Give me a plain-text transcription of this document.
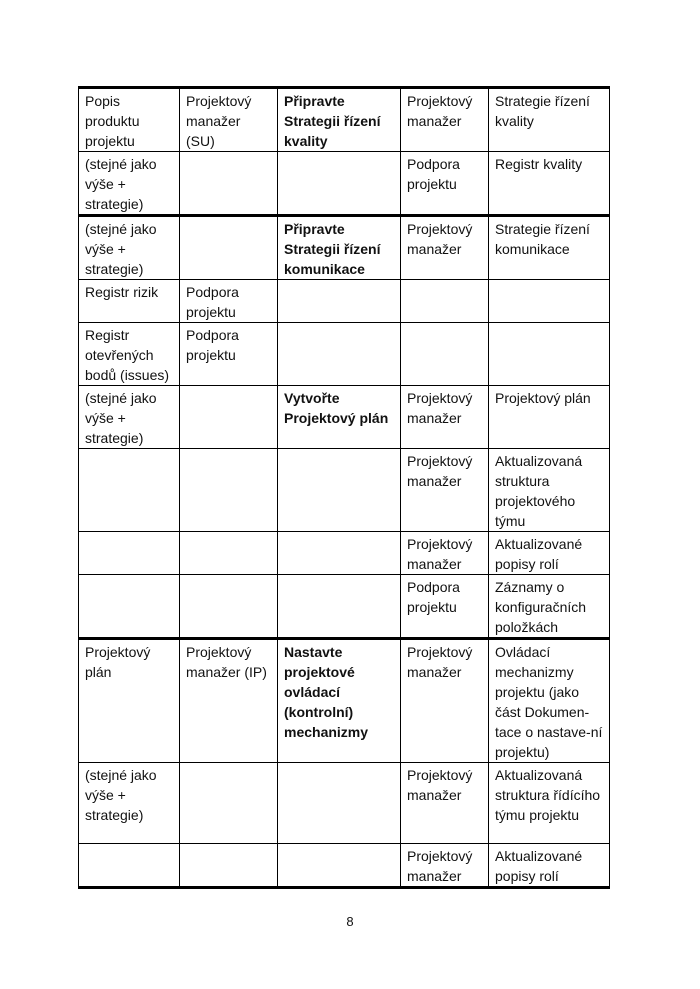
Popis produktu projektu	Projektový manažer (SU)	Připravte Strategii řízení kvality	Projektový manažer	Strategie řízení kvality
(stejné jako výše + strategie)			Podpora projektu	Registr kvality
(stejné jako výše + strategie)		Připravte Strategii řízení komunikace	Projektový manažer	Strategie řízení komunikace
Registr rizik	Podpora projektu			
Registr otevřených bodů (issues)	Podpora projektu			
(stejné jako výše + strategie)		Vytvořte Projektový plán	Projektový manažer	Projektový plán
			Projektový manažer	Aktualizovaná struktura projektového týmu
			Projektový manažer	Aktualizované popisy rolí
			Podpora projektu	Záznamy o konfiguračních položkách
Projektový plán	Projektový manažer (IP)	Nastavte projektové ovládací (kontrolní) mechanizmy	Projektový manažer	Ovládací mechanizmy projektu (jako část Dokumen-tace o nastave-ní projektu)
(stejné jako výše + strategie)			Projektový manažer	Aktualizovaná struktura řídícího týmu projektu
			Projektový manažer	Aktualizované popisy rolí
8
